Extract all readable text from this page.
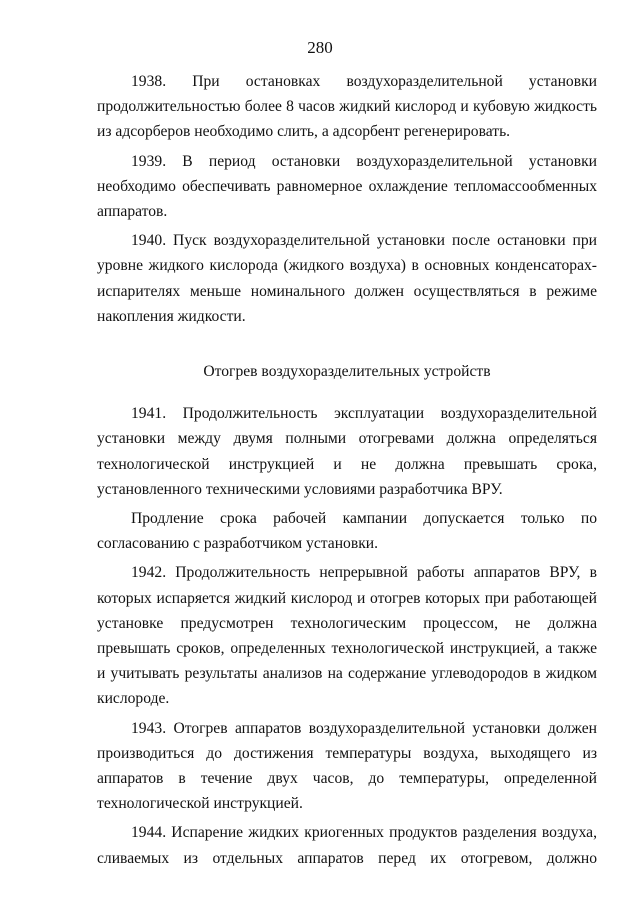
280

1938. При остановках воздухоразделительной установки продолжительностью более 8 часов жидкий кислород и кубовую жидкость из адсорберов необходимо слить, а адсорбент регенерировать.

1939. В период остановки воздухоразделительной установки необходимо обеспечивать равномерное охлаждение тепломассообменных аппаратов.

1940. Пуск воздухоразделительной установки после остановки при уровне жидкого кислорода (жидкого воздуха) в основных конденсаторах-испарителях меньше номинального должен осуществляться в режиме накопления жидкости.

Отогрев воздухоразделительных устройств

1941. Продолжительность эксплуатации воздухоразделительной установки между двумя полными отогревами должна определяться технологической инструкцией и не должна превышать срока, установленного техническими условиями разработчика ВРУ.

Продление срока рабочей кампании допускается только по согласованию с разработчиком установки.

1942. Продолжительность непрерывной работы аппаратов ВРУ, в которых испаряется жидкий кислород и отогрев которых при работающей установке предусмотрен технологическим процессом, не должна превышать сроков, определенных технологической инструкцией, а также и учитывать результаты анализов на содержание углеводородов в жидком кислороде.

1943. Отогрев аппаратов воздухоразделительной установки должен производиться до достижения температуры воздуха, выходящего из аппаратов в течение двух часов, до температуры, определенной технологической инструкцией.

1944. Испарение жидких криогенных продуктов разделения воздуха, сливаемых из отдельных аппаратов перед их отогревом, должно
